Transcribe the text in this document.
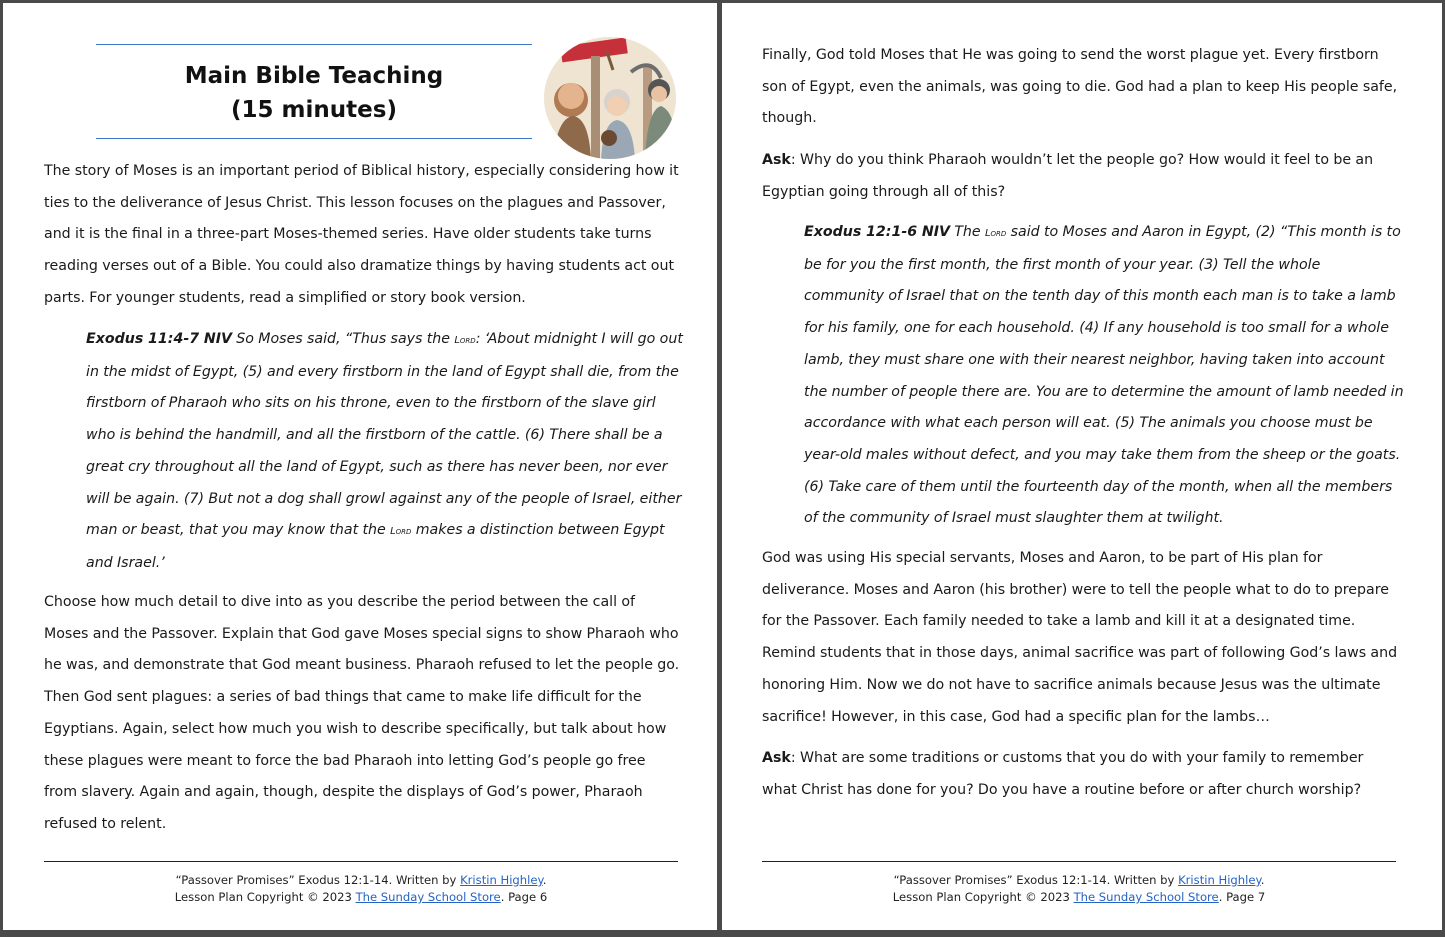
Main Bible Teaching
(15 minutes)

The story of Moses is an important period of Biblical history, especially considering how it ties to the deliverance of Jesus Christ. This lesson focuses on the plagues and Passover, and it is the final in a three-part Moses-themed series. Have older students take turns reading verses out of a Bible. You could also dramatize things by having students act out parts. For younger students, read a simplified or story book version.

Exodus 11:4-7 NIV So Moses said, “Thus says the Lord: ‘About midnight I will go out in the midst of Egypt, (5) and every firstborn in the land of Egypt shall die, from the firstborn of Pharaoh who sits on his throne, even to the firstborn of the slave girl who is behind the handmill, and all the firstborn of the cattle. (6) There shall be a great cry throughout all the land of Egypt, such as there has never been, nor ever will be again. (7) But not a dog shall growl against any of the people of Israel, either man or beast, that you may know that the Lord makes a distinction between Egypt and Israel.’

Choose how much detail to dive into as you describe the period between the call of Moses and the Passover. Explain that God gave Moses special signs to show Pharaoh who he was, and demonstrate that God meant business. Pharaoh refused to let the people go. Then God sent plagues: a series of bad things that came to make life difficult for the Egyptians. Again, select how much you wish to describe specifically, but talk about how these plagues were meant to force the bad Pharaoh into letting God’s people go free from slavery. Again and again, though, despite the displays of God’s power, Pharaoh refused to relent.

“Passover Promises” Exodus 12:1-14. Written by Kristin Highley.
Lesson Plan Copyright © 2023 The Sunday School Store. Page 6

Finally, God told Moses that He was going to send the worst plague yet. Every firstborn son of Egypt, even the animals, was going to die. God had a plan to keep His people safe, though.

Ask: Why do you think Pharaoh wouldn’t let the people go? How would it feel to be an Egyptian going through all of this?

Exodus 12:1-6 NIV The Lord said to Moses and Aaron in Egypt, (2) “This month is to be for you the first month, the first month of your year. (3) Tell the whole community of Israel that on the tenth day of this month each man is to take a lamb for his family, one for each household. (4) If any household is too small for a whole lamb, they must share one with their nearest neighbor, having taken into account the number of people there are. You are to determine the amount of lamb needed in accordance with what each person will eat. (5) The animals you choose must be year-old males without defect, and you may take them from the sheep or the goats. (6) Take care of them until the fourteenth day of the month, when all the members of the community of Israel must slaughter them at twilight.

God was using His special servants, Moses and Aaron, to be part of His plan for deliverance. Moses and Aaron (his brother) were to tell the people what to do to prepare for the Passover. Each family needed to take a lamb and kill it at a designated time. Remind students that in those days, animal sacrifice was part of following God’s laws and honoring Him. Now we do not have to sacrifice animals because Jesus was the ultimate sacrifice! However, in this case, God had a specific plan for the lambs…

Ask: What are some traditions or customs that you do with your family to remember what Christ has done for you? Do you have a routine before or after church worship?

“Passover Promises” Exodus 12:1-14. Written by Kristin Highley.
Lesson Plan Copyright © 2023 The Sunday School Store. Page 7
